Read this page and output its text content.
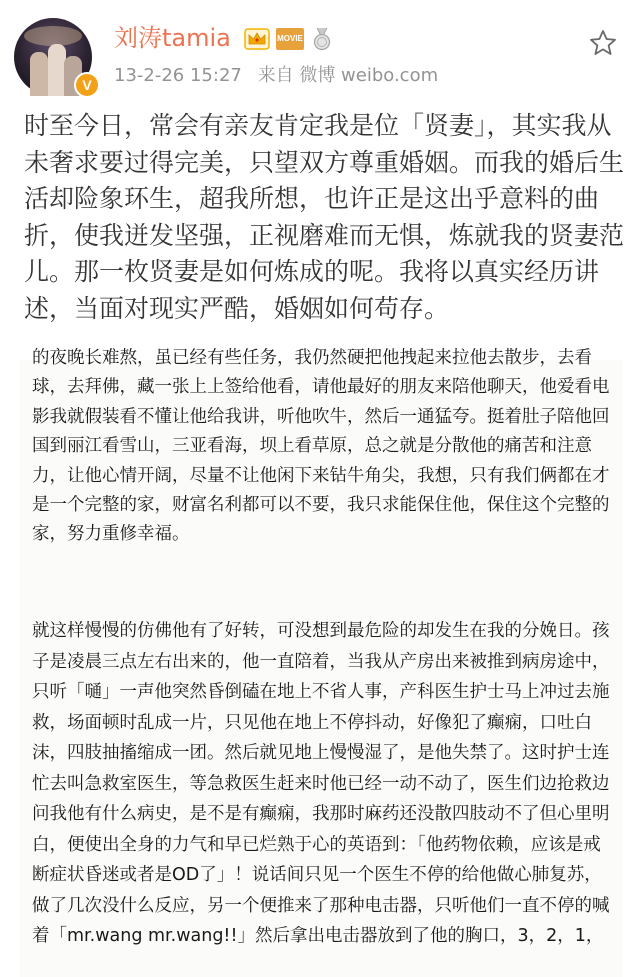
V
刘涛tamia	MOVIE
13-2-26 15:27 来自 微博 weibo.com

时至今日，常会有亲友肯定我是位「贤妻」，其实我从未奢求要过得完美，只望双方尊重婚姻。而我的婚后生活却险象环生，超我所想，也许正是这出乎意料的曲折，使我迸发坚强，正视磨难而无惧，炼就我的贤妻范儿。那一枚贤妻是如何炼成的呢。我将以真实经历讲述，当面对现实严酷，婚姻如何苟存。

的夜晚长难熬，虽已经有些任务，我仍然硬把他拽起来拉他去散步，去看球，去拜佛，藏一张上上签给他看，请他最好的朋友来陪他聊天，他爱看电影我就假装看不懂让他给我讲，听他吹牛，然后一通猛夸。挺着肚子陪他回国到丽江看雪山，三亚看海，坝上看草原，总之就是分散他的痛苦和注意力，让他心情开阔，尽量不让他闲下来钻牛角尖，我想，只有我们俩都在才是一个完整的家，财富名利都可以不要，我只求能保住他，保住这个完整的家，努力重修幸福。

就这样慢慢的仿佛他有了好转，可没想到最危险的却发生在我的分娩日。孩子是凌晨三点左右出来的，他一直陪着，当我从产房出来被推到病房途中，只听「嗵」一声他突然昏倒磕在地上不省人事，产科医生护士马上冲过去施救，场面顿时乱成一片，只见他在地上不停抖动，好像犯了癫痫，口吐白沫，四肢抽搐缩成一团。然后就见地上慢慢湿了，是他失禁了。这时护士连忙去叫急救室医生，等急救医生赶来时他已经一动不动了，医生们边抢救边问我他有什么病史，是不是有癫痫，我那时麻药还没散四肢动不了但心里明白，便使出全身的力气和早已烂熟于心的英语到：「他药物依赖，应该是戒断症状昏迷或者是OD了」！说话间只见一个医生不停的给他做心肺复苏，做了几次没什么反应，另一个便推来了那种电击器，只听他们一直不停的喊着「mr.wang mr.wang!!」然后拿出电击器放到了他的胸口，3，2，1，
